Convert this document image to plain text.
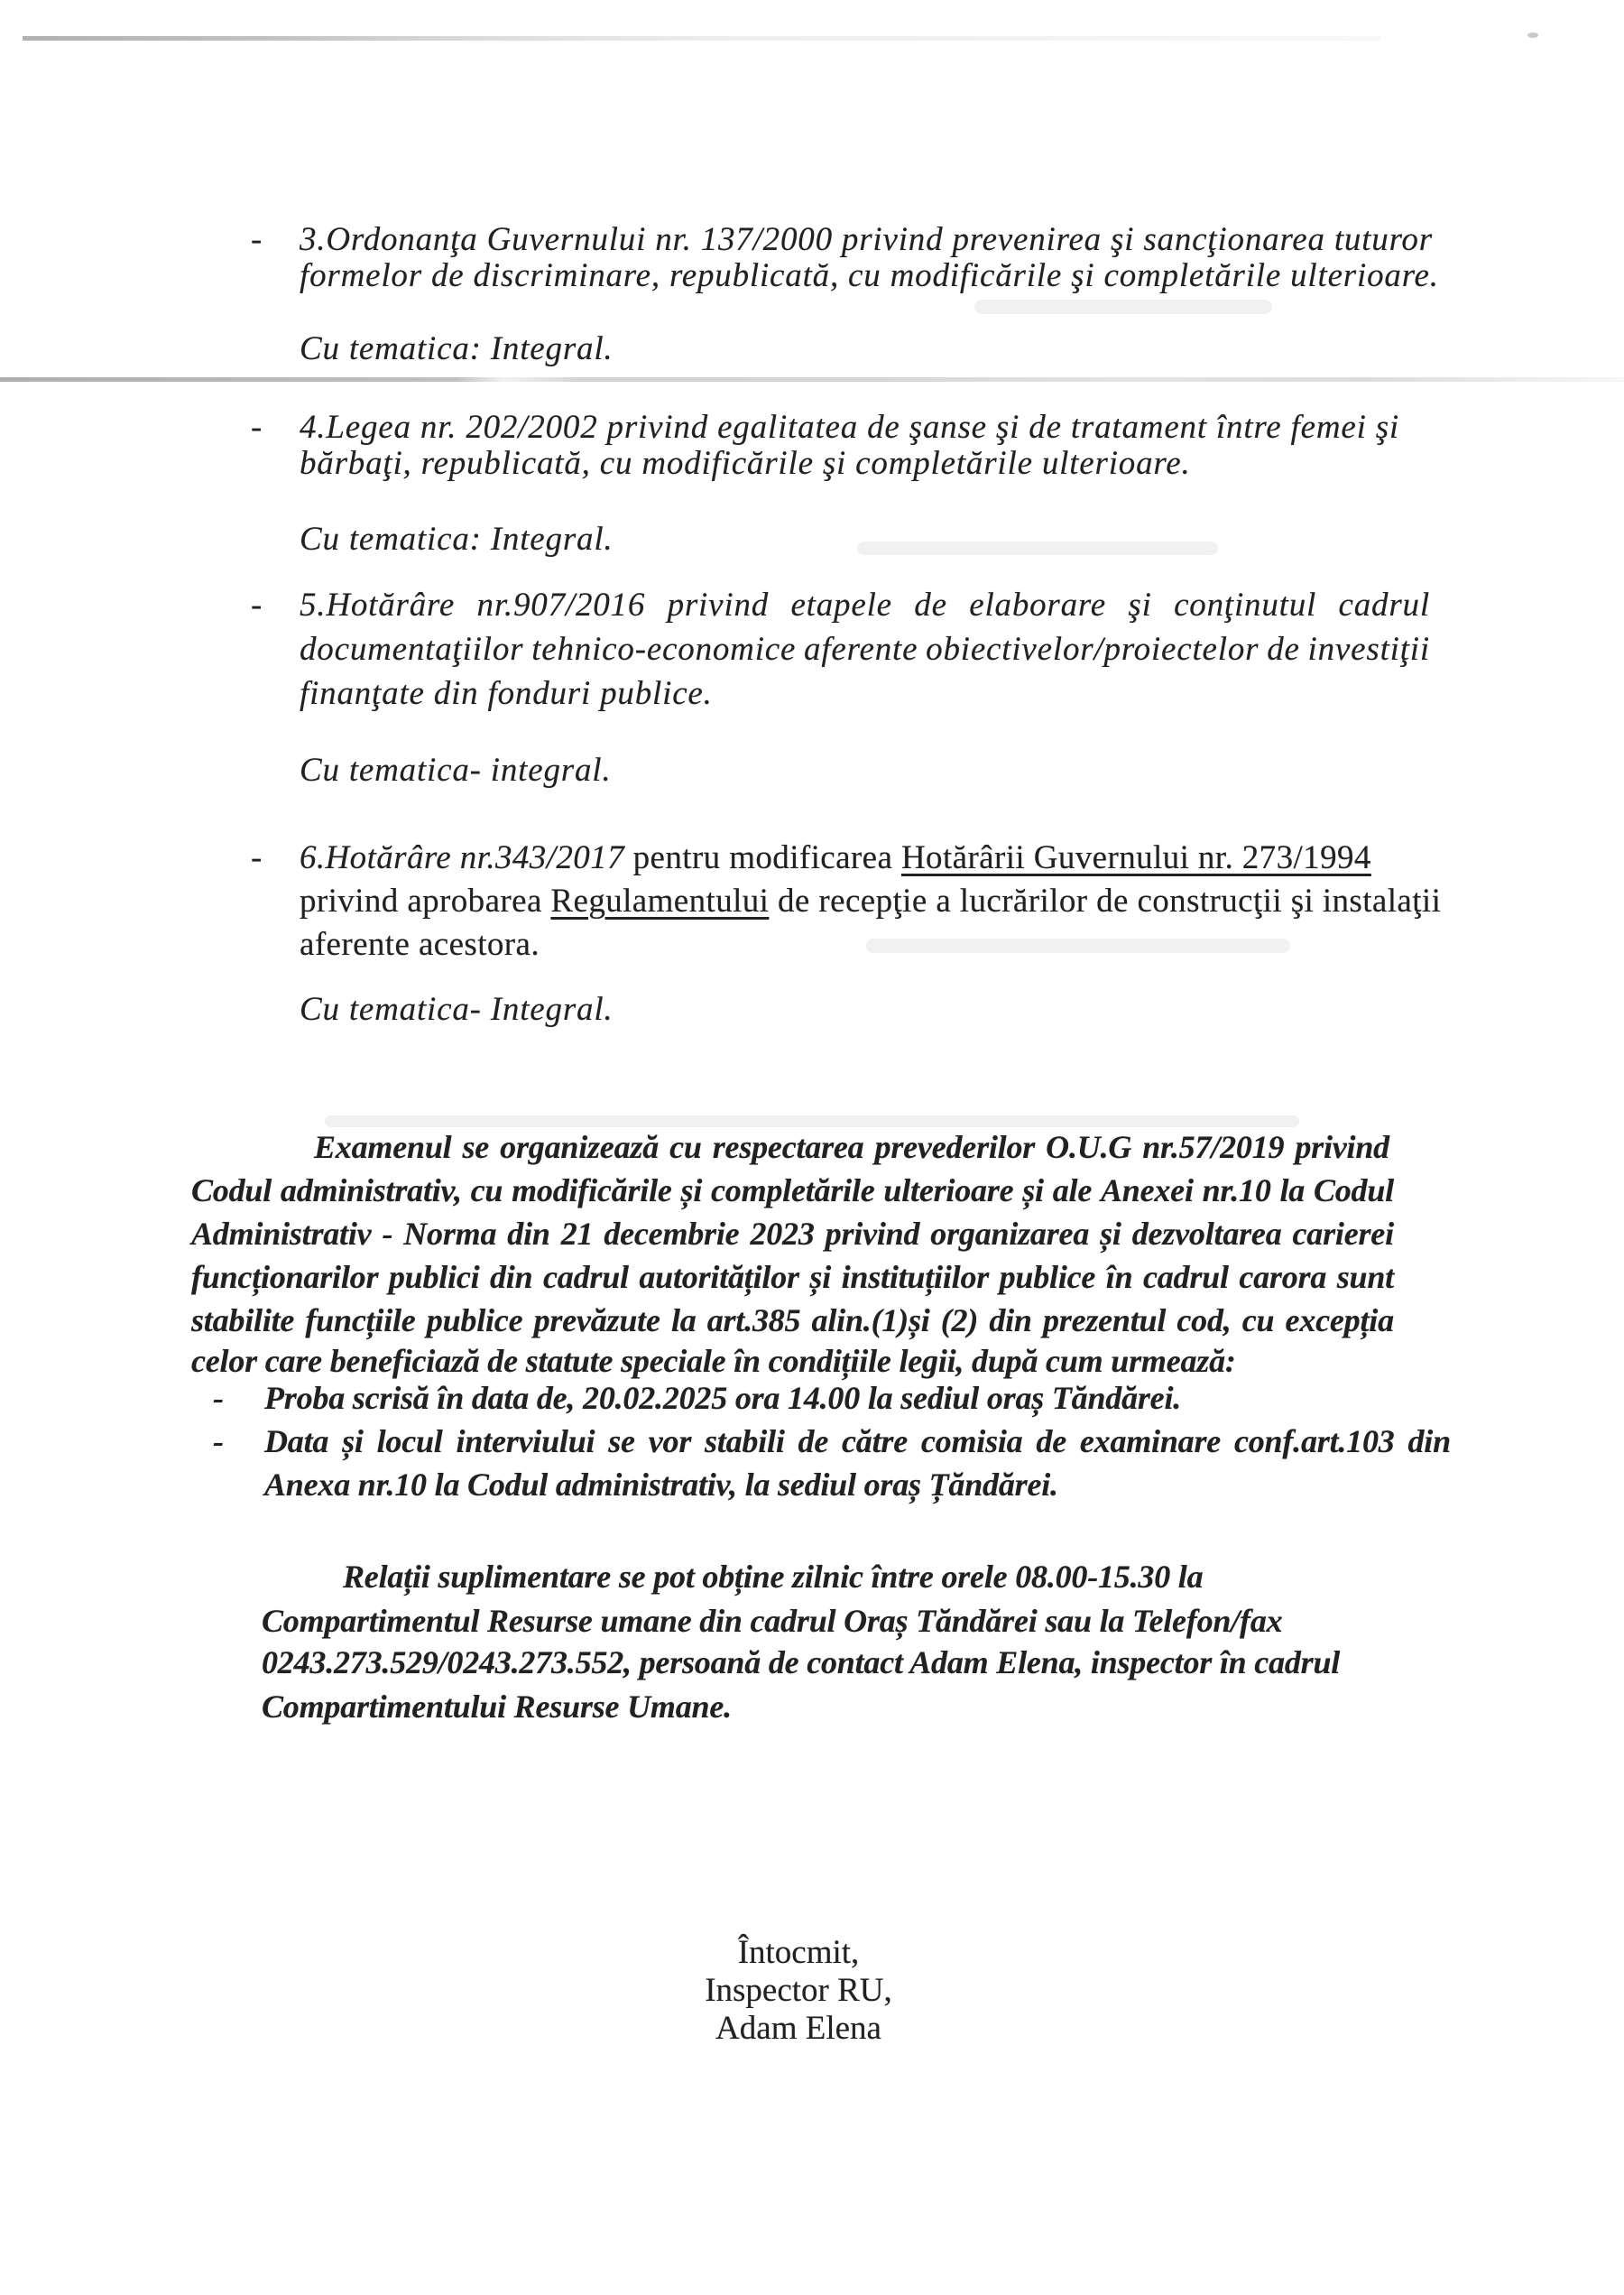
- 3.Ordonanţa Guvernului nr. 137/2000 privind prevenirea şi sancţionarea tuturor
formelor de discriminare, republicată, cu modificările şi completările ulterioare.
Cu tematica: Integral.
- 4.Legea nr. 202/2002 privind egalitatea de şanse şi de tratament între femei şi
bărbaţi, republicată, cu modificările şi completările ulterioare.
Cu tematica: Integral.
- 5.Hotărâre nr.907/2016 privind etapele de elaborare şi conţinutul cadrul
documentaţiilor tehnico-economice aferente obiectivelor/proiectelor de investiţii
finanţate din fonduri publice.
Cu tematica- integral.
- 6.Hotărâre nr.343/2017 pentru modificarea Hotărârii Guvernului nr. 273/1994
privind aprobarea Regulamentului de recepţie a lucrărilor de construcţii şi instalaţii
aferente acestora.
Cu tematica- Integral.
Examenul se organizează cu respectarea prevederilor O.U.G nr.57/2019 privind
Codul administrativ, cu modificările și completările ulterioare și ale Anexei nr.10 la Codul
Administrativ - Norma din 21 decembrie 2023 privind organizarea și dezvoltarea carierei
funcționarilor publici din cadrul autorităților și instituțiilor publice în cadrul carora sunt
stabilite funcțiile publice prevăzute la art.385 alin.(1)și (2) din prezentul cod, cu excepția
celor care beneficiază de statute speciale în condițiile legii, după cum urmează:
- Proba scrisă în data de, 20.02.2025 ora 14.00 la sediul oraș Tăndărei.
- Data și locul interviului se vor stabili de către comisia de examinare conf.art.103 din
Anexa nr.10 la Codul administrativ, la sediul oraș Țăndărei.
Relații suplimentare se pot obține zilnic între orele 08.00-15.30 la
Compartimentul Resurse umane din cadrul Oraș Tăndărei sau la Telefon/fax
0243.273.529/0243.273.552, persoană de contact Adam Elena, inspector în cadrul
Compartimentului Resurse Umane.
Întocmit,
Inspector RU,
Adam Elena
